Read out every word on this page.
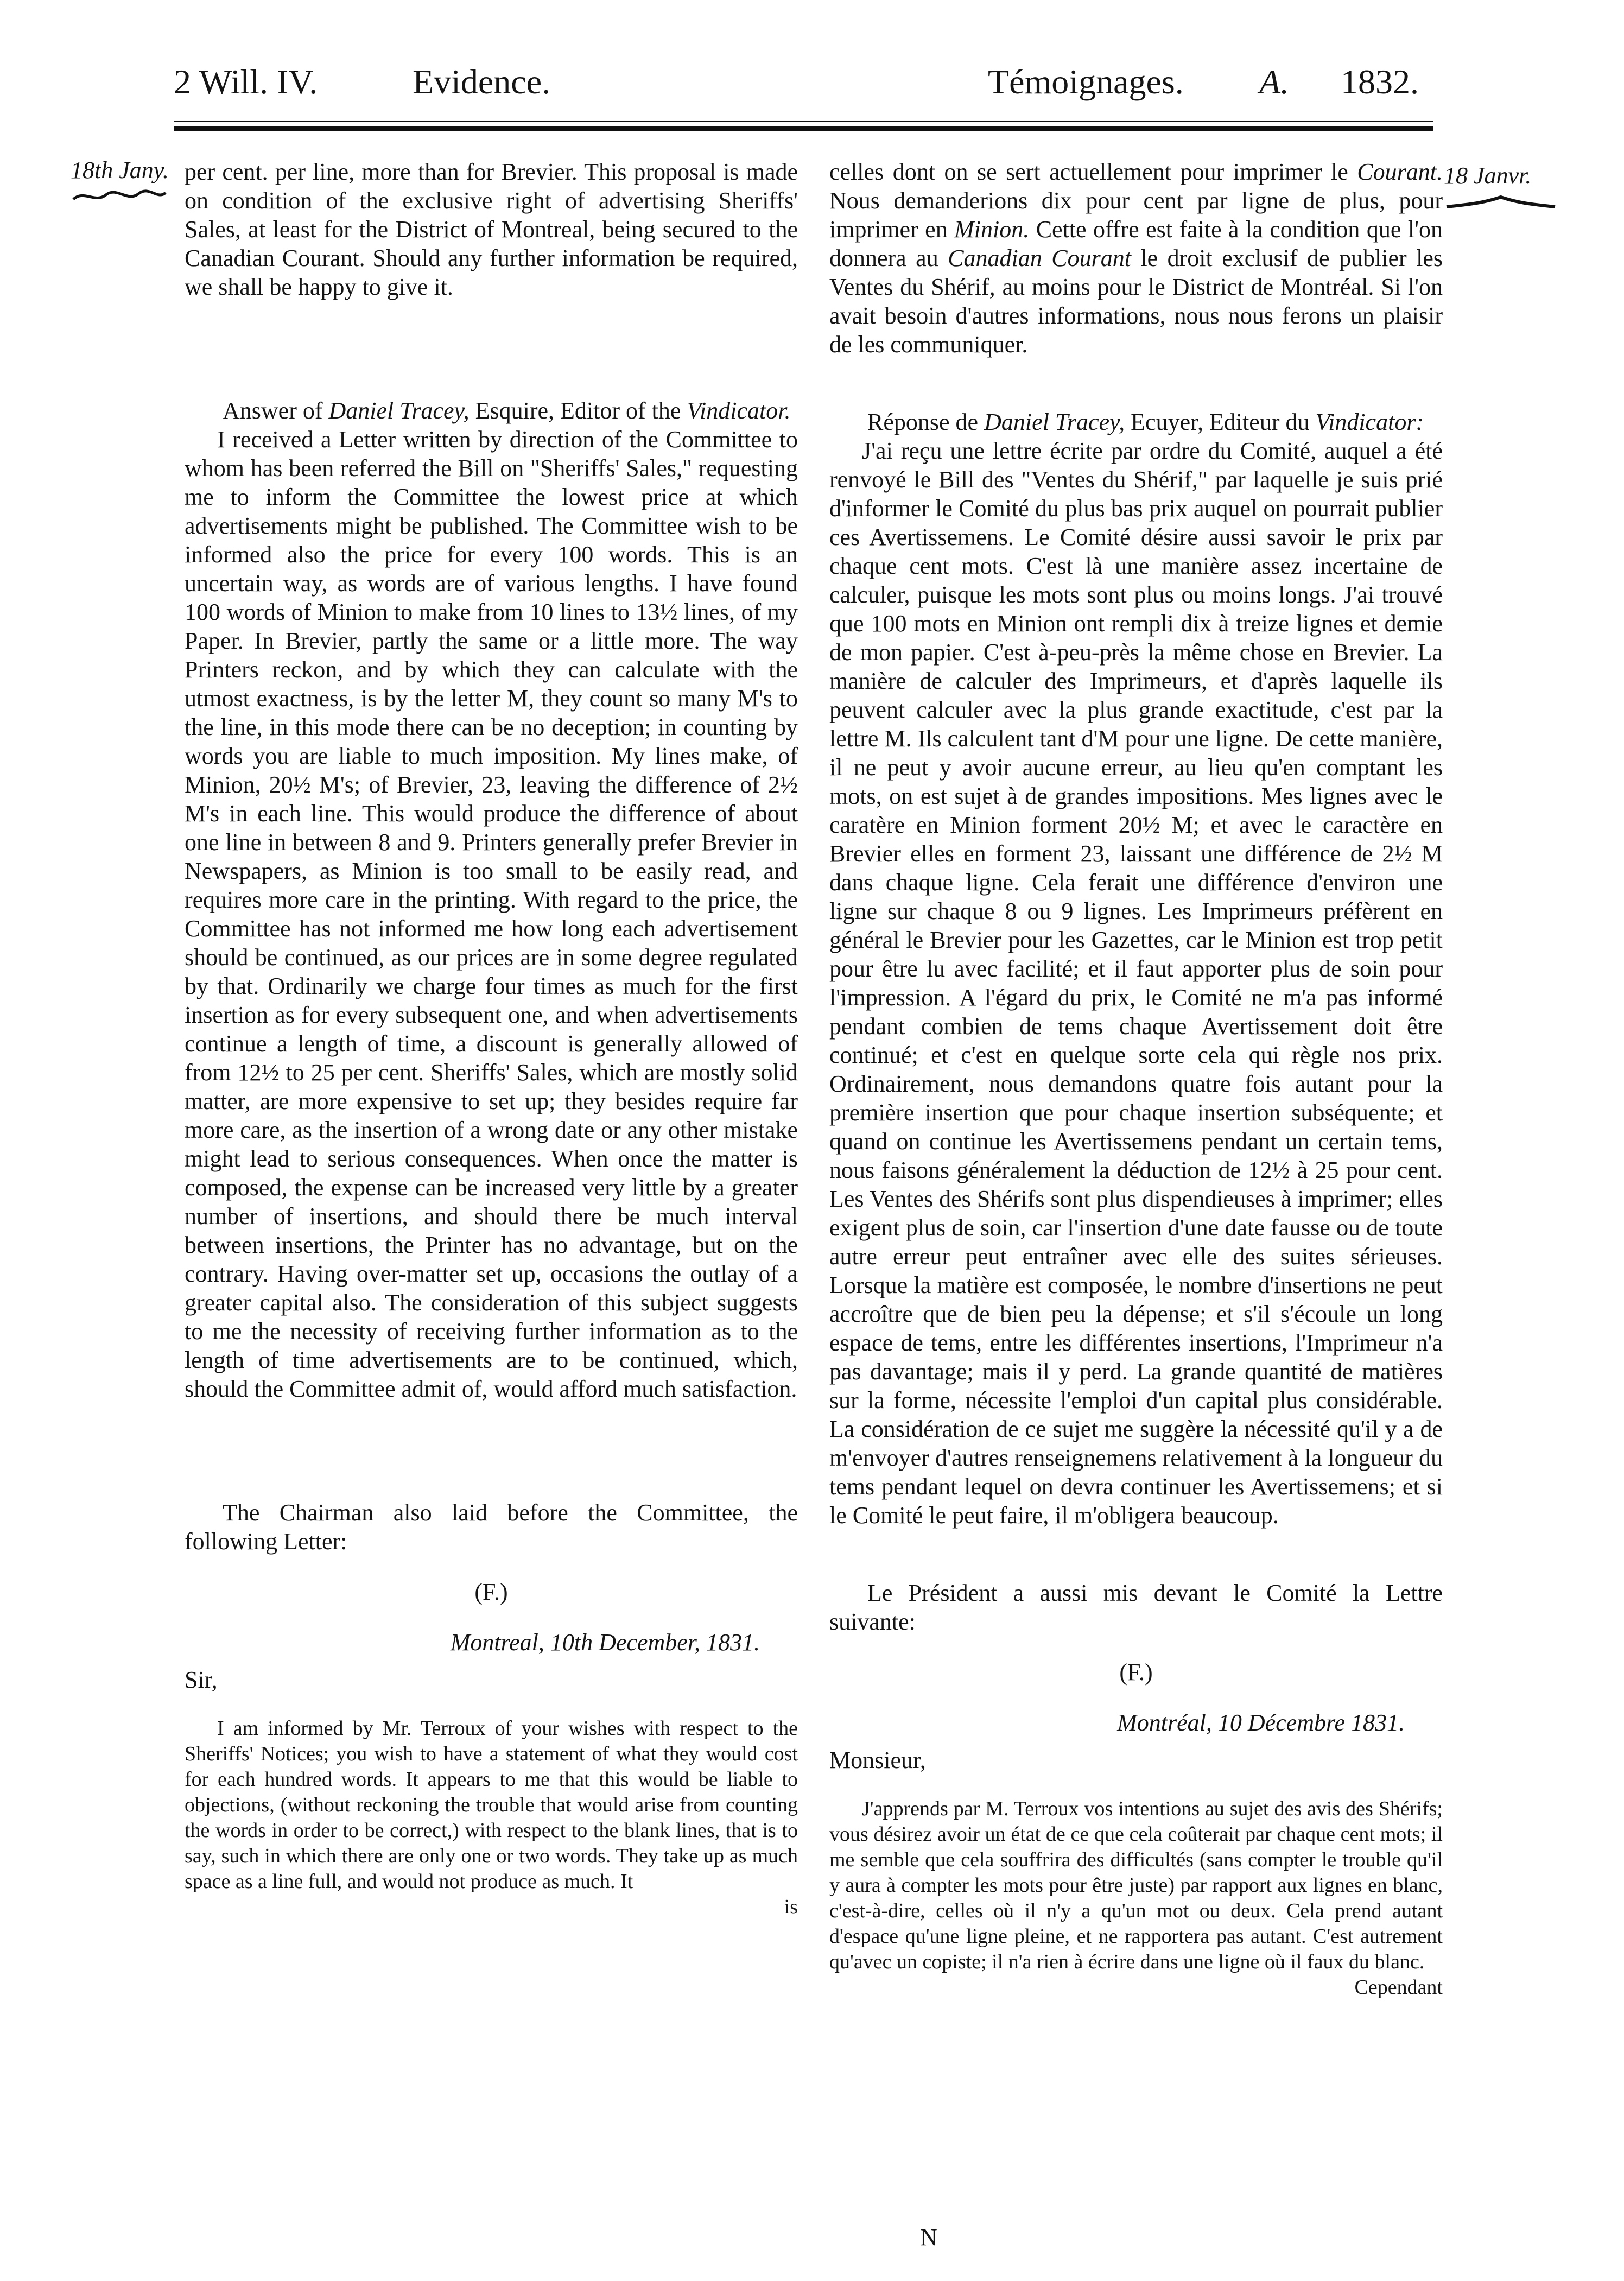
2 Will. IV.	Evidence.	Témoignages. A. 1832.
18th Jany.	18 Janvr.

per cent. per line, more than for Brevier. This proposal is made on condition of the exclusive right of advertising Sheriffs' Sales, at least for the District of Montreal, being secured to the Canadian Courant. Should any further information be required, we shall be happy to give it.

Answer of Daniel Tracey, Esquire, Editor of the Vindicator.

I received a Letter written by direction of the Committee to whom has been referred the Bill on "Sheriffs' Sales," requesting me to inform the Committee the lowest price at which advertisements might be published. The Committee wish to be informed also the price for every 100 words. This is an uncertain way, as words are of various lengths. I have found 100 words of Minion to make from 10 lines to 13½ lines, of my Paper. In Brevier, partly the same or a little more. The way Printers reckon, and by which they can calculate with the utmost exactness, is by the letter M, they count so many M's to the line, in this mode there can be no deception; in counting by words you are liable to much imposition. My lines make, of Minion, 20½ M's; of Brevier, 23, leaving the difference of 2½ M's in each line. This would produce the difference of about one line in between 8 and 9. Printers generally prefer Brevier in Newspapers, as Minion is too small to be easily read, and requires more care in the printing. With regard to the price, the Committee has not informed me how long each advertisement should be continued, as our prices are in some degree regulated by that. Ordinarily we charge four times as much for the first insertion as for every subsequent one, and when advertisements continue a length of time, a discount is generally allowed of from 12½ to 25 per cent. Sheriffs' Sales, which are mostly solid matter, are more expensive to set up; they besides require far more care, as the insertion of a wrong date or any other mistake might lead to serious consequences. When once the matter is composed, the expense can be increased very little by a greater number of insertions, and should there be much interval between insertions, the Printer has no advantage, but on the contrary. Having over-matter set up, occasions the outlay of a greater capital also. The consideration of this subject suggests to me the necessity of receiving further information as to the length of time advertisements are to be continued, which, should the Committee admit of, would afford much satisfaction.

The Chairman also laid before the Committee, the following Letter:

(F.)

Montreal, 10th December, 1831.

Sir,

I am informed by Mr. Terroux of your wishes with respect to the Sheriffs' Notices; you wish to have a statement of what they would cost for each hundred words. It appears to me that this would be liable to objections, (without reckoning the trouble that would arise from counting the words in order to be correct,) with respect to the blank lines, that is to say, such in which there are only one or two words. They take up as much space as a line full, and would not produce as much. It

is

celles dont on se sert actuellement pour imprimer le Courant. Nous demanderions dix pour cent par ligne de plus, pour imprimer en Minion. Cette offre est faite à la condition que l'on donnera au Canadian Courant le droit exclusif de publier les Ventes du Shérif, au moins pour le District de Montréal. Si l'on avait besoin d'autres informations, nous nous ferons un plaisir de les communiquer.

Réponse de Daniel Tracey, Ecuyer, Editeur du Vindicator:

J'ai reçu une lettre écrite par ordre du Comité, auquel a été renvoyé le Bill des "Ventes du Shérif," par laquelle je suis prié d'informer le Comité du plus bas prix auquel on pourrait publier ces Avertissemens. Le Comité désire aussi savoir le prix par chaque cent mots. C'est là une manière assez incertaine de calculer, puisque les mots sont plus ou moins longs. J'ai trouvé que 100 mots en Minion ont rempli dix à treize lignes et demie de mon papier. C'est à-peu-près la même chose en Brevier. La manière de calculer des Imprimeurs, et d'après laquelle ils peuvent calculer avec la plus grande exactitude, c'est par la lettre M. Ils calculent tant d'M pour une ligne. De cette manière, il ne peut y avoir aucune erreur, au lieu qu'en comptant les mots, on est sujet à de grandes impositions. Mes lignes avec le caratère en Minion forment 20½ M; et avec le caractère en Brevier elles en forment 23, laissant une différence de 2½ M dans chaque ligne. Cela ferait une différence d'environ une ligne sur chaque 8 ou 9 lignes. Les Imprimeurs préfèrent en général le Brevier pour les Gazettes, car le Minion est trop petit pour être lu avec facilité; et il faut apporter plus de soin pour l'impression. A l'égard du prix, le Comité ne m'a pas informé pendant combien de tems chaque Avertissement doit être continué; et c'est en quelque sorte cela qui règle nos prix. Ordinairement, nous demandons quatre fois autant pour la première insertion que pour chaque insertion subséquente; et quand on continue les Avertissemens pendant un certain tems, nous faisons généralement la déduction de 12½ à 25 pour cent. Les Ventes des Shérifs sont plus dispendieuses à imprimer; elles exigent plus de soin, car l'insertion d'une date fausse ou de toute autre erreur peut entraîner avec elle des suites sérieuses. Lorsque la matière est composée, le nombre d'insertions ne peut accroître que de bien peu la dépense; et s'il s'écoule un long espace de tems, entre les différentes insertions, l'Imprimeur n'a pas davantage; mais il y perd. La grande quantité de matières sur la forme, nécessite l'emploi d'un capital plus considérable. La considération de ce sujet me suggère la nécessité qu'il y a de m'envoyer d'autres renseignemens relativement à la longueur du tems pendant lequel on devra continuer les Avertissemens; et si le Comité le peut faire, il m'obligera beaucoup.

Le Président a aussi mis devant le Comité la Lettre suivante:

(F.)

Montréal, 10 Décembre 1831.

Monsieur,

J'apprends par M. Terroux vos intentions au sujet des avis des Shérifs; vous désirez avoir un état de ce que cela coûterait par chaque cent mots; il me semble que cela souffrira des difficultés (sans compter le trouble qu'il y aura à compter les mots pour être juste) par rapport aux lignes en blanc, c'est-à-dire, celles où il n'y a qu'un mot ou deux. Cela prend autant d'espace qu'une ligne pleine, et ne rapportera pas autant. C'est autrement qu'avec un copiste; il n'a rien à écrire dans une ligne où il faux du blanc.

Cependant

N
